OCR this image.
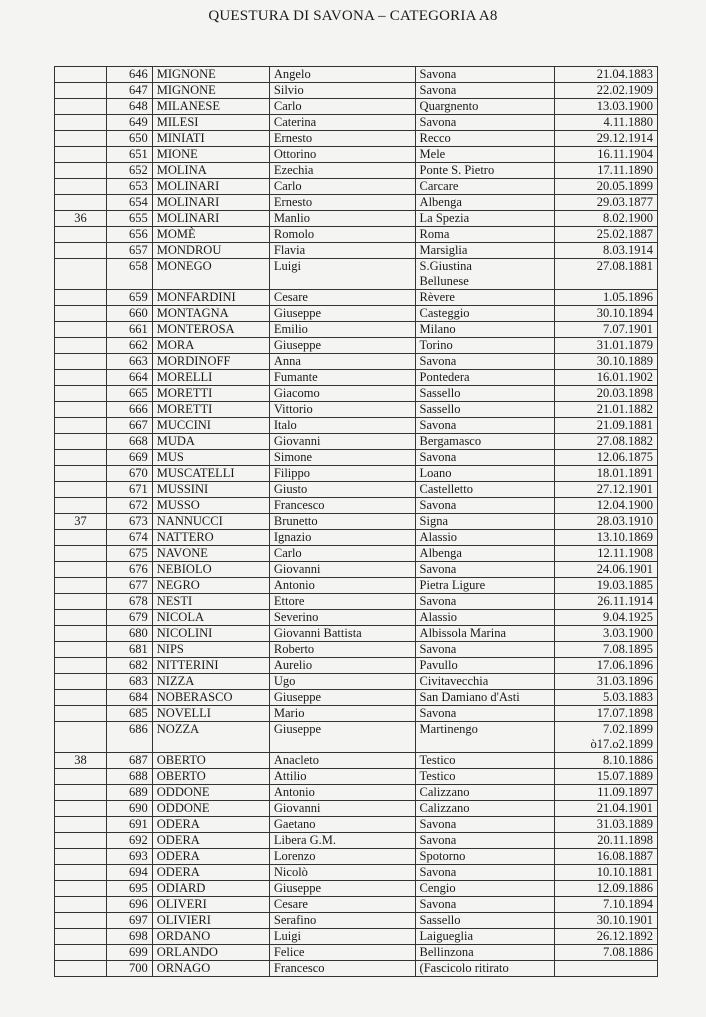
QUESTURA DI SAVONA – CATEGORIA A8
	646	MIGNONE	Angelo	Savona	21.04.1883
	647	MIGNONE	Silvio	Savona	22.02.1909
	648	MILANESE	Carlo	Quargnento	13.03.1900
	649	MILESI	Caterina	Savona	4.11.1880
	650	MINIATI	Ernesto	Recco	29.12.1914
	651	MIONE	Ottorino	Mele	16.11.1904
	652	MOLINA	Ezechia	Ponte S. Pietro	17.11.1890
	653	MOLINARI	Carlo	Carcare	20.05.1899
	654	MOLINARI	Ernesto	Albenga	29.03.1877
36	655	MOLINARI	Manlio	La Spezia	8.02.1900
	656	MOMÈ	Romolo	Roma	25.02.1887
	657	MONDROU	Flavia	Marsiglia	8.03.1914
	658	MONEGO	Luigi	S.Giustina
Bellunese	27.08.1881
	659	MONFARDINI	Cesare	Rèvere	1.05.1896
	660	MONTAGNA	Giuseppe	Casteggio	30.10.1894
	661	MONTEROSA	Emilio	Milano	7.07.1901
	662	MORA	Giuseppe	Torino	31.01.1879
	663	MORDINOFF	Anna	Savona	30.10.1889
	664	MORELLI	Fumante	Pontedera	16.01.1902
	665	MORETTI	Giacomo	Sassello	20.03.1898
	666	MORETTI	Vittorio	Sassello	21.01.1882
	667	MUCCINI	Italo	Savona	21.09.1881
	668	MUDA	Giovanni	Bergamasco	27.08.1882
	669	MUS	Simone	Savona	12.06.1875
	670	MUSCATELLI	Filippo	Loano	18.01.1891
	671	MUSSINI	Giusto	Castelletto	27.12.1901
	672	MUSSO	Francesco	Savona	12.04.1900
37	673	NANNUCCI	Brunetto	Signa	28.03.1910
	674	NATTERO	Ignazio	Alassio	13.10.1869
	675	NAVONE	Carlo	Albenga	12.11.1908
	676	NEBIOLO	Giovanni	Savona	24.06.1901
	677	NEGRO	Antonio	Pietra Ligure	19.03.1885
	678	NESTI	Ettore	Savona	26.11.1914
	679	NICOLA	Severino	Alassio	9.04.1925
	680	NICOLINI	Giovanni Battista	Albissola Marina	3.03.1900
	681	NIPS	Roberto	Savona	7.08.1895
	682	NITTERINI	Aurelio	Pavullo	17.06.1896
	683	NIZZA	Ugo	Civitavecchia	31.03.1896
	684	NOBERASCO	Giuseppe	San Damiano d'Asti	5.03.1883
	685	NOVELLI	Mario	Savona	17.07.1898
	686	NOZZA	Giuseppe	Martinengo	7.02.1899
ò17.o2.1899

38	687	OBERTO	Anacleto	Testico	8.10.1886
	688	OBERTO	Attilio	Testico	15.07.1889
	689	ODDONE	Antonio	Calizzano	11.09.1897
	690	ODDONE	Giovanni	Calizzano	21.04.1901
	691	ODERA	Gaetano	Savona	31.03.1889
	692	ODERA	Libera G.M.	Savona	20.11.1898
	693	ODERA	Lorenzo	Spotorno	16.08.1887
	694	ODERA	Nicolò	Savona	10.10.1881
	695	ODIARD	Giuseppe	Cengio	12.09.1886
	696	OLIVERI	Cesare	Savona	7.10.1894
	697	OLIVIERI	Serafino	Sassello	30.10.1901
	698	ORDANO	Luigi	Laigueglia	26.12.1892
	699	ORLANDO	Felice	Bellinzona	7.08.1886
	700	ORNAGO	Francesco	(Fascicolo ritirato	
